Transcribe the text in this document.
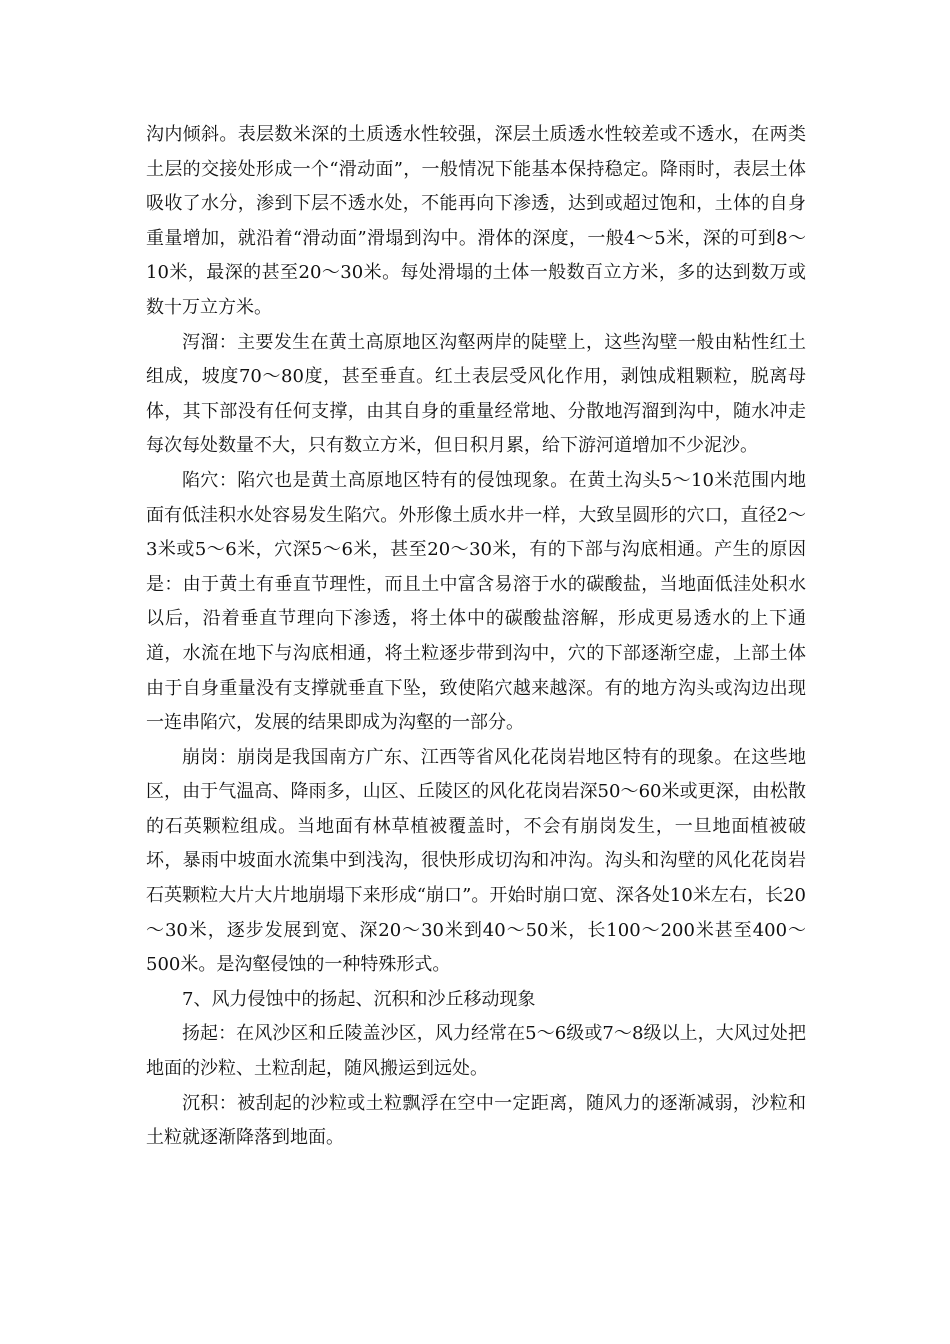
沟内倾斜。表层数米深的土质透水性较强，深层土质透水性较差或不透水，在两类土层的交接处形成一个“滑动面”，一般情况下能基本保持稳定。降雨时，表层土体吸收了水分，渗到下层不透水处，不能再向下渗透，达到或超过饱和，土体的自身重量增加，就沿着“滑动面”滑塌到沟中。滑体的深度，一般4～5米，深的可到8～10米，最深的甚至20～30米。每处滑塌的土体一般数百立方米，多的达到数万或数十万立方米。

泻溜：主要发生在黄土高原地区沟壑两岸的陡壁上，这些沟壁一般由粘性红土组成，坡度70～80度，甚至垂直。红土表层受风化作用，剥蚀成粗颗粒，脱离母体，其下部没有任何支撑，由其自身的重量经常地、分散地泻溜到沟中，随水冲走每次每处数量不大，只有数立方米，但日积月累，给下游河道增加不少泥沙。

陷穴：陷穴也是黄土高原地区特有的侵蚀现象。在黄土沟头5～10米范围内地面有低洼积水处容易发生陷穴。外形像土质水井一样，大致呈圆形的穴口，直径2～3米或5～6米，穴深5～6米，甚至20～30米，有的下部与沟底相通。产生的原因是：由于黄土有垂直节理性，而且土中富含易溶于水的碳酸盐，当地面低洼处积水以后，沿着垂直节理向下渗透，将土体中的碳酸盐溶解，形成更易透水的上下通道，水流在地下与沟底相通，将土粒逐步带到沟中，穴的下部逐渐空虚，上部土体由于自身重量没有支撑就垂直下坠，致使陷穴越来越深。有的地方沟头或沟边出现一连串陷穴，发展的结果即成为沟壑的一部分。

崩岗：崩岗是我国南方广东、江西等省风化花岗岩地区特有的现象。在这些地区，由于气温高、降雨多，山区、丘陵区的风化花岗岩深50～60米或更深，由松散的石英颗粒组成。当地面有林草植被覆盖时，不会有崩岗发生，一旦地面植被破坏，暴雨中坡面水流集中到浅沟，很快形成切沟和冲沟。沟头和沟壁的风化花岗岩石英颗粒大片大片地崩塌下来形成“崩口”。开始时崩口宽、深各处10米左右，长20～30米，逐步发展到宽、深20～30米到40～50米，长100～200米甚至400～500米。是沟壑侵蚀的一种特殊形式。

7、风力侵蚀中的扬起、沉积和沙丘移动现象

扬起：在风沙区和丘陵盖沙区，风力经常在5～6级或7～8级以上，大风过处把地面的沙粒、土粒刮起，随风搬运到远处。

沉积：被刮起的沙粒或土粒飘浮在空中一定距离，随风力的逐渐减弱，沙粒和土粒就逐渐降落到地面。
